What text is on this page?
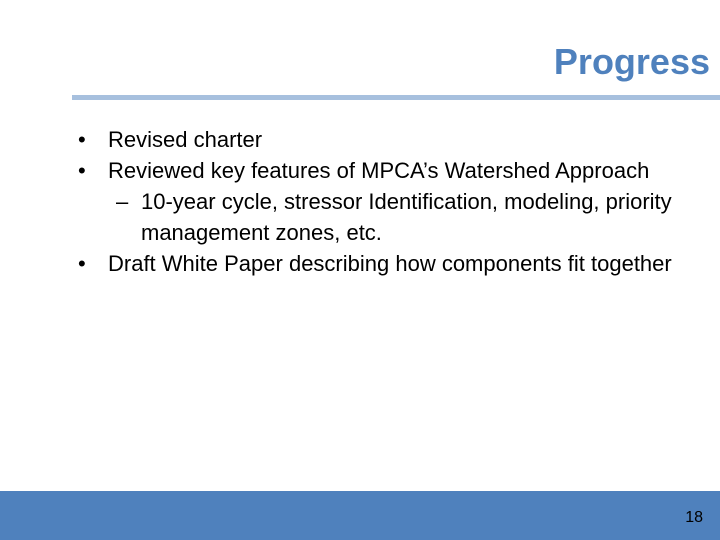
Progress
•	Revised charter
•	Reviewed key features of MPCA’s Watershed Approach
– 10-year cycle, stressor Identification, modeling, priority management zones, etc.
•	Draft White Paper describing how components fit together
18
